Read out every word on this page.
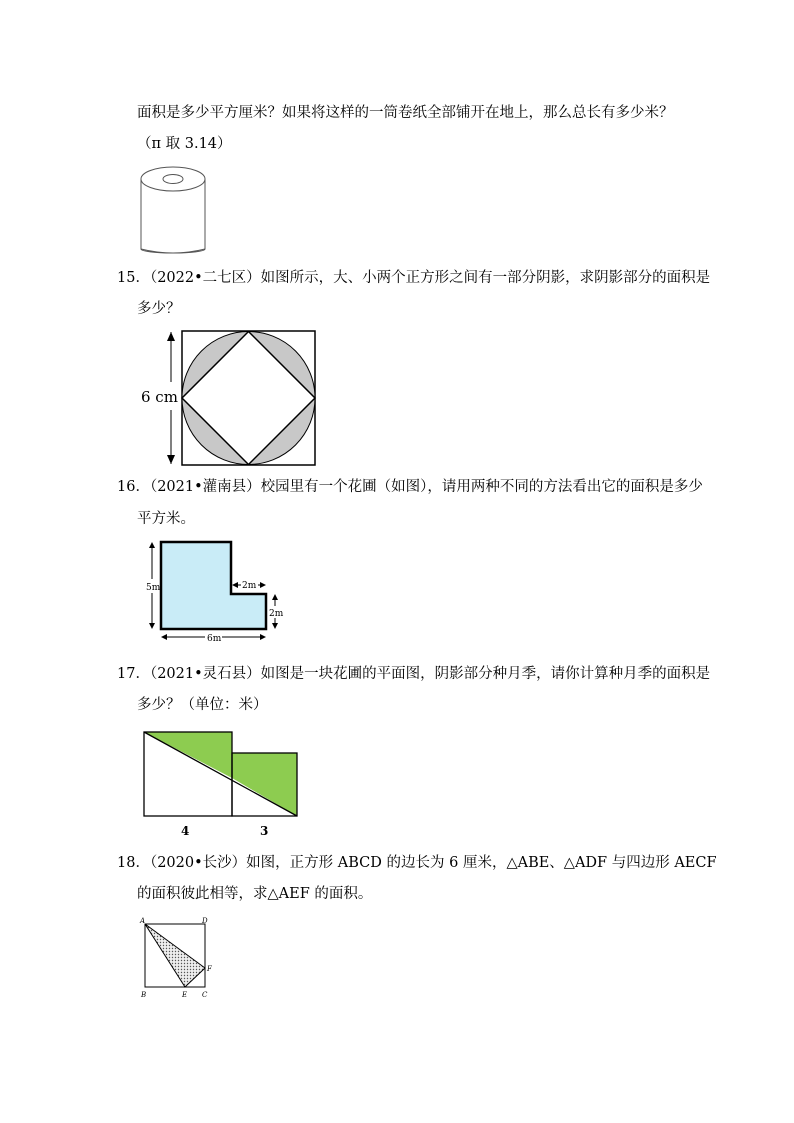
面积是多少平方厘米？如果将这样的一筒卷纸全部铺开在地上，那么总长有多少米？
（π 取 3.14）
15．（2022•二七区）如图所示，大、小两个正方形之间有一部分阴影，求阴影部分的面积是
多少？
6 cm
16．（2021•灌南县）校园里有一个花圃（如图），请用两种不同的方法看出它的面积是多少
平方米。
5m	2m
2m
6m
17．（2021•灵石县）如图是一块花圃的平面图，阴影部分种月季，请你计算种月季的面积是
多少？（单位：米）
4	3
18．（2020•长沙）如图，正方形 ABCD 的边长为 6 厘米，△ABE、△ADF 与四边形 AECF
的面积彼此相等，求△AEF 的面积。
A	D
B	C
E
F
